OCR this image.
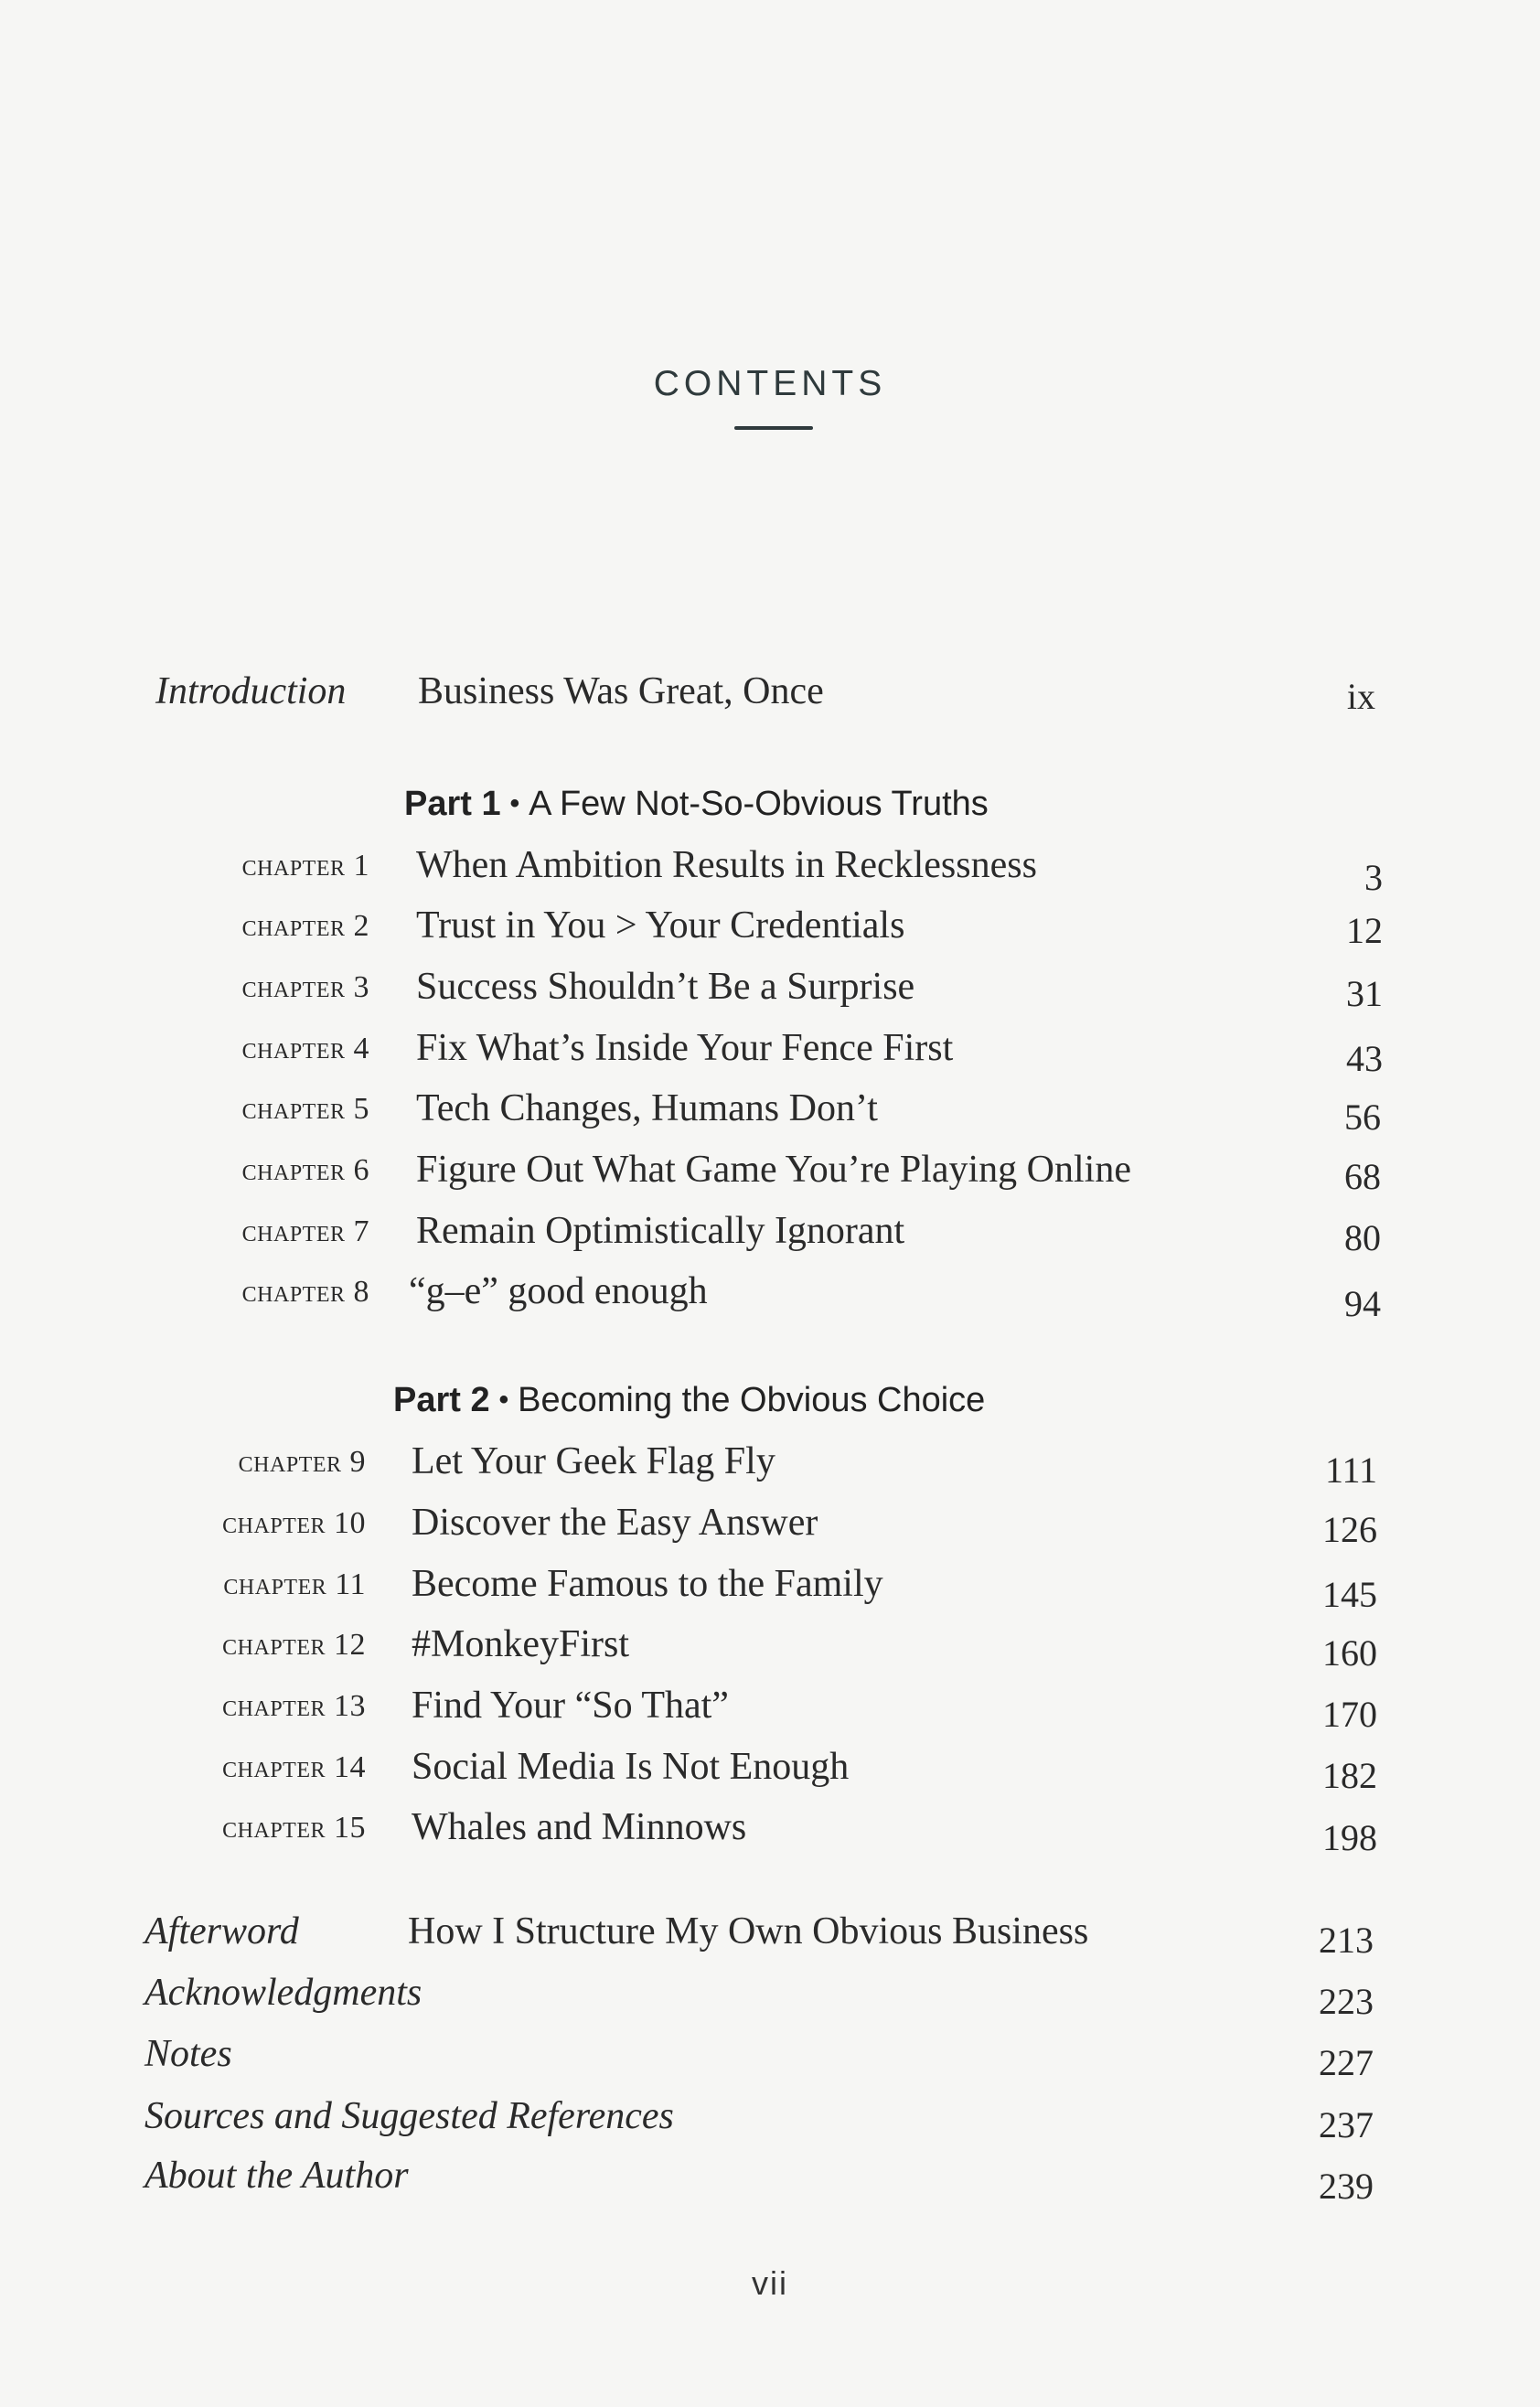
CONTENTS
Introduction Business Was Great, Once	ix
Part 1 • A Few Not-So-Obvious Truths
chapter 1 When Ambition Results in Recklessness	3
chapter 2 Trust in You > Your Credentials	12
chapter 3 Success Shouldn’t Be a Surprise	31
chapter 4 Fix What’s Inside Your Fence First	43
chapter 5 Tech Changes, Humans Don’t	56
chapter 6 Figure Out What Game You’re Playing Online	68
chapter 7 Remain Optimistically Ignorant	80
chapter 8 “g–e” good enough	94
Part 2 • Becoming the Obvious Choice
chapter 9 Let Your Geek Flag Fly	111
chapter 10 Discover the Easy Answer	126
chapter 11 Become Famous to the Family	145
chapter 12 #MonkeyFirst	160
chapter 13 Find Your “So That”	170
chapter 14 Social Media Is Not Enough	182
chapter 15 Whales and Minnows	198
Afterword	How I Structure My Own Obvious Business	213
Acknowledgments	223
Notes	227
Sources and Suggested References	237
About the Author	239
vii
